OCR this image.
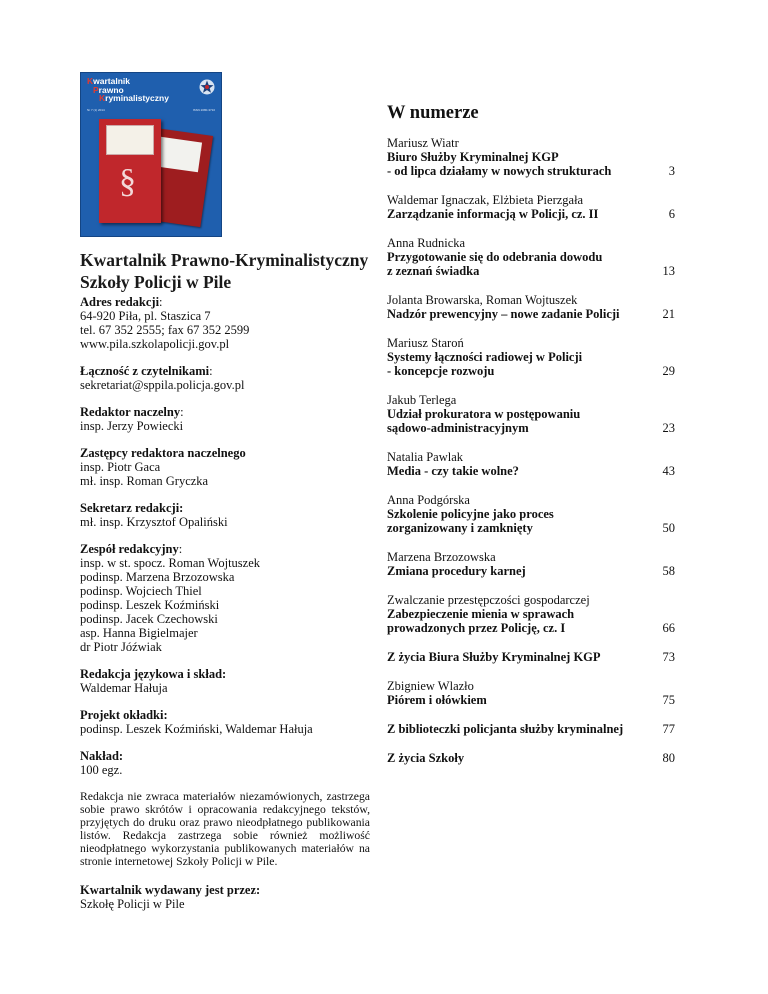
Kwartalnik
Prawno
Kryminalistyczny
Nr 7 (1) 2014	ISSN 2080-3710
§
Kwartalnik Prawno-Kryminalistyczny
Szkoły Policji w Pile
Adres redakcji:
64-920 Piła, pl. Staszica 7
tel. 67 352 2555; fax 67 352 2599
www.pila.szkolapolicji.gov.pl
Łączność z czytelnikami:
sekretariat@sppila.policja.gov.pl
Redaktor naczelny:
insp. Jerzy Powiecki
Zastępcy redaktora naczelnego
insp. Piotr Gaca
mł. insp. Roman Gryczka
Sekretarz redakcji:
mł. insp. Krzysztof Opaliński
Zespół redakcyjny:
insp. w st. spocz. Roman Wojtuszek
podinsp. Marzena Brzozowska
podinsp. Wojciech Thiel
podinsp. Leszek Koźmiński
podinsp. Jacek Czechowski
asp. Hanna Bigielmajer
dr Piotr Jóźwiak
Redakcja językowa i skład:
Waldemar Hałuja
Projekt okładki:
podinsp. Leszek Koźmiński, Waldemar Hałuja
Nakład:
100 egz.
Redakcja nie zwraca materiałów niezamówionych, zastrzega sobie prawo skrótów i opracowania redakcyjnego tekstów, przyjętych do druku oraz prawo nieodpłatnego publikowania listów. Redakcja zastrzega sobie również możliwość nieodpłatnego wykorzystania publikowanych materiałów na stronie internetowej Szkoły Policji w Pile.
Kwartalnik wydawany jest przez:
Szkołę Policji w Pile
W numerze
Mariusz Wiatr
Biuro Służby Kryminalnej KGP
- od lipca działamy w nowych strukturach	3
Waldemar Ignaczak, Elżbieta Pierzgała
Zarządzanie informacją w Policji, cz. II	6
Anna Rudnicka
Przygotowanie się do odebrania dowodu
z zeznań świadka	13
Jolanta Browarska, Roman Wojtuszek
Nadzór prewencyjny – nowe zadanie Policji	21
Mariusz Staroń
Systemy łączności radiowej w Policji
- koncepcje rozwoju	29
Jakub Terlega
Udział prokuratora w postępowaniu
sądowo-administracyjnym	23
Natalia Pawlak
Media - czy takie wolne?	43
Anna Podgórska
Szkolenie policyjne jako proces
zorganizowany i zamknięty	50
Marzena Brzozowska
Zmiana procedury karnej	58
Zwalczanie przestępczości gospodarczej
Zabezpieczenie mienia w sprawach
prowadzonych przez Policję, cz. I	66
Z życia Biura Służby Kryminalnej KGP	73
Zbigniew Wlazło
Piórem i ołówkiem	75
Z biblioteczki policjanta służby kryminalnej	77
Z życia Szkoły	80
